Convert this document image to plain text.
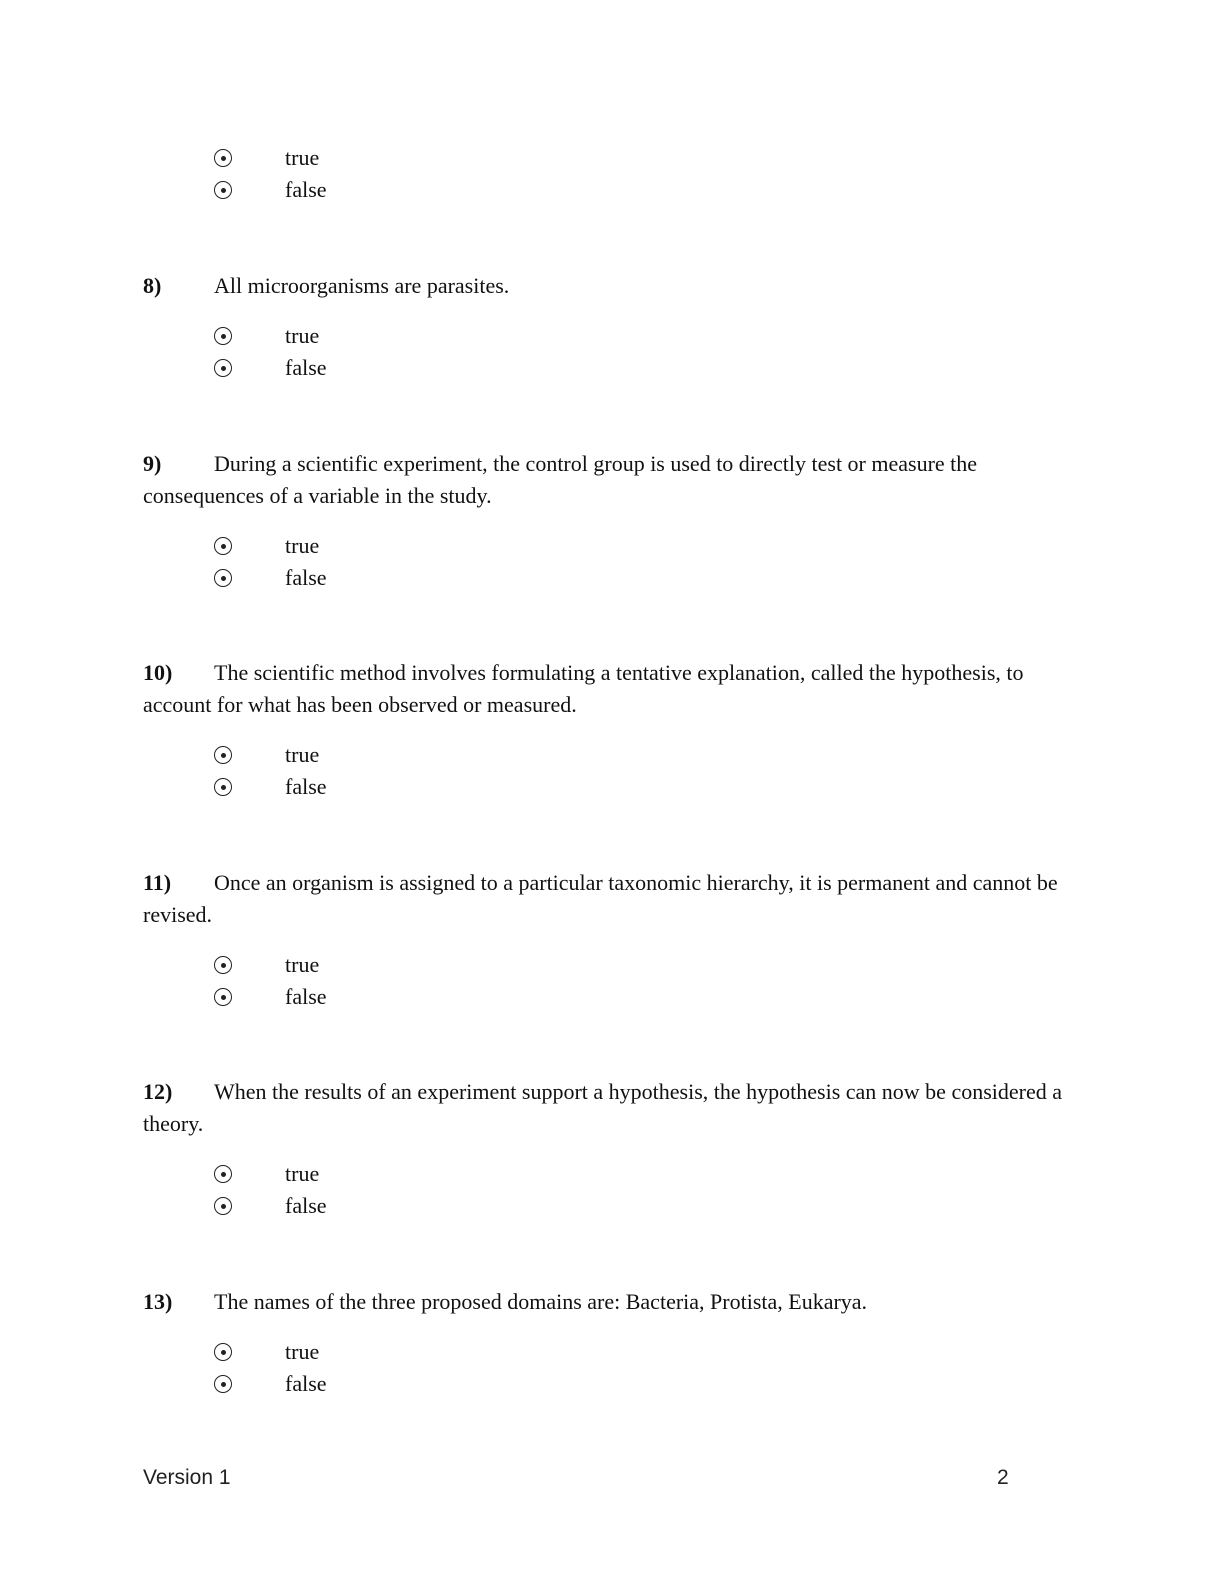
true
false
8) All microorganisms are parasites.
true
false
9) During a scientific experiment, the control group is used to directly test or measure the consequences of a variable in the study.
true
false
10) The scientific method involves formulating a tentative explanation, called the hypothesis, to account for what has been observed or measured.
true
false
11) Once an organism is assigned to a particular taxonomic hierarchy, it is permanent and cannot be revised.
true
false
12) When the results of an experiment support a hypothesis, the hypothesis can now be considered a theory.
true
false
13) The names of the three proposed domains are: Bacteria, Protista, Eukarya.
true
false
Version 1	2
